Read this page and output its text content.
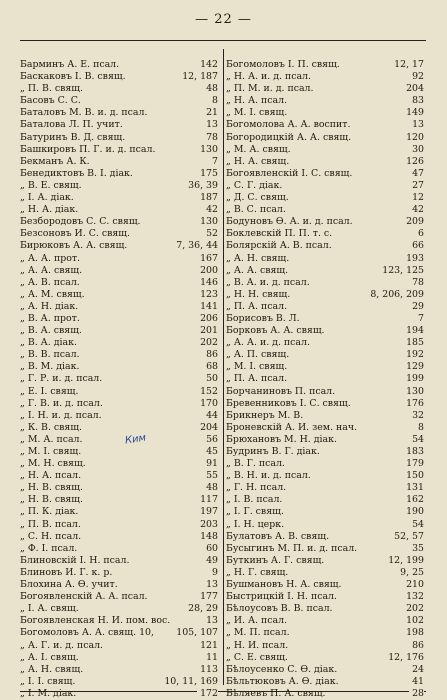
— 22 —
Барминъ А. Е. псал.	142
Баскаковъ І. В. свящ.	12, 187
„ П. В. свящ.	48
Басовъ С. С.	8
Баталовъ М. В. и. д. псал.	21
Баталова Л. П. учит.	13
Батуринъ В. Д. свящ.	78
Башкировъ П. Г. и. д. псал.	130
Бекманъ А. К.	7
Бенедиктовъ В. І. діак.	175
„ В. Е. свящ.	36, 39
„ І. А. діак.	187
„ Н. А. діак.	42
Безбородовъ С. С. свящ.	130
Безсоновъ И. С. свящ.	52
Бирюковъ А. А. свящ.	7, 36, 44
„ А. А. прот.	167
„ А. А. свящ.	200
„ А. В. псал.	146
„ А. М. свящ.	123
„ А. Н. діак.	141
„ В. А. прот.	206
„ В. А. свящ.	201
„ В. А. діак.	202
„ В. В. псал.	86
„ В. М. діак.	68
„ Г. Р. и. д. псал.	50
„ Е. І. свящ.	152
„ Г. В. и. д. псал.	170
„ І. Н. и. д. псал.	44
„ К. В. свящ.	204
„ М. А. псал.	56
„ М. І. свящ.	45
„ М. Н. свящ.	91
„ Н. А. псал.	55
„ Н. В. свящ.	48
„ Н. В. свящ.	117
„ П. К. діак.	197
„ П. В. псал.	203
„ С. Н. псал.	148
„ Ф. І. псал.	60
Блиновскій І. Н. псал.	49
Блиновъ И. Г. к. р.	9
Блохина А. Ѳ. учит.	13
Богоявленскій А. А. псал.	177
„ І. А. свящ.	28, 29
Богоявленская Н. И. пом. вос.	13
Богомоловъ А. А. свящ. 10,	105, 107
„ А. Г. и. д. псал.	121
„ А. І. свящ.	11
„ А. Н. свящ.	113
„ І. І. свящ.	10, 11, 169
„ І. М. діак.	172
Богомоловъ І. П. свящ.	12, 17
„ Н. А. и. д. псал.	92
„ П. М. и. д. псал.	204
„ Н. А. псал.	83
„ М. І. свящ.	149
Богомолова А. А. воспит.	13
Богородицкій А. А. свящ.	120
„ М. А. свящ.	30
„ Н. А. свящ.	126
Богоявленскій І. С. свящ.	47
„ С. Г. діак.	27
„ Д. С. свящ.	12
„ В. С. псал.	42
Бодуновъ Ѳ. А. и. д. псал.	209
Боклевскій П. П. т. с.	6
Болярскій А. В. псал.	66
„ А. Н. свящ.	193
„ А. А. свящ.	123, 125
„ В. А. и. д. псал.	78
„ Н. Н. свящ.	8, 206, 209
„ П. А. псал.	29
Борисовъ В. Л.	7
Борковъ А. А. свящ.	194
„ А. А. и. д. псал.	185
„ А. П. свящ.	192
„ М. І. свящ.	129
„ П. А. псал.	199
Борчаниновъ П. псал.	130
Бревенниковъ І. С. свящ.	176
Брикнеръ М. В.	32
Броневскій А. И. зем. нач.	8
Брюхановъ М. Н. діак.	54
Будринъ В. Г. діак.	183
„ В. Г. псал.	179
„ В. Н. и. д. псал.	150
„ Г. Н. псал.	131
„ І. В. псал.	162
„ І. Г. свящ.	190
„ І. Н. церк.	54
Булатовъ А. В. свящ.	52, 57
Бусыгинъ М. П. и. д. псал.	35
Буткинъ А. Г. свящ.	12, 199
„ Н. Г. свящ.	9, 25
Бушмановъ Н. А. свящ.	210
Быстрицкій І. Н. псал.	132
Бѣлоусовъ В. В. псал.	202
„ И. А. псал.	102
„ М. П. псал.	198
„ Н. И. псал.	86
„ С. Е. свящ.	12, 176
Бѣлоусенко С. Ѳ. діак.	24
Бѣльтюковъ А. Ѳ. діак.	41
Бѣляевъ П. А. свящ.	28
Ким
